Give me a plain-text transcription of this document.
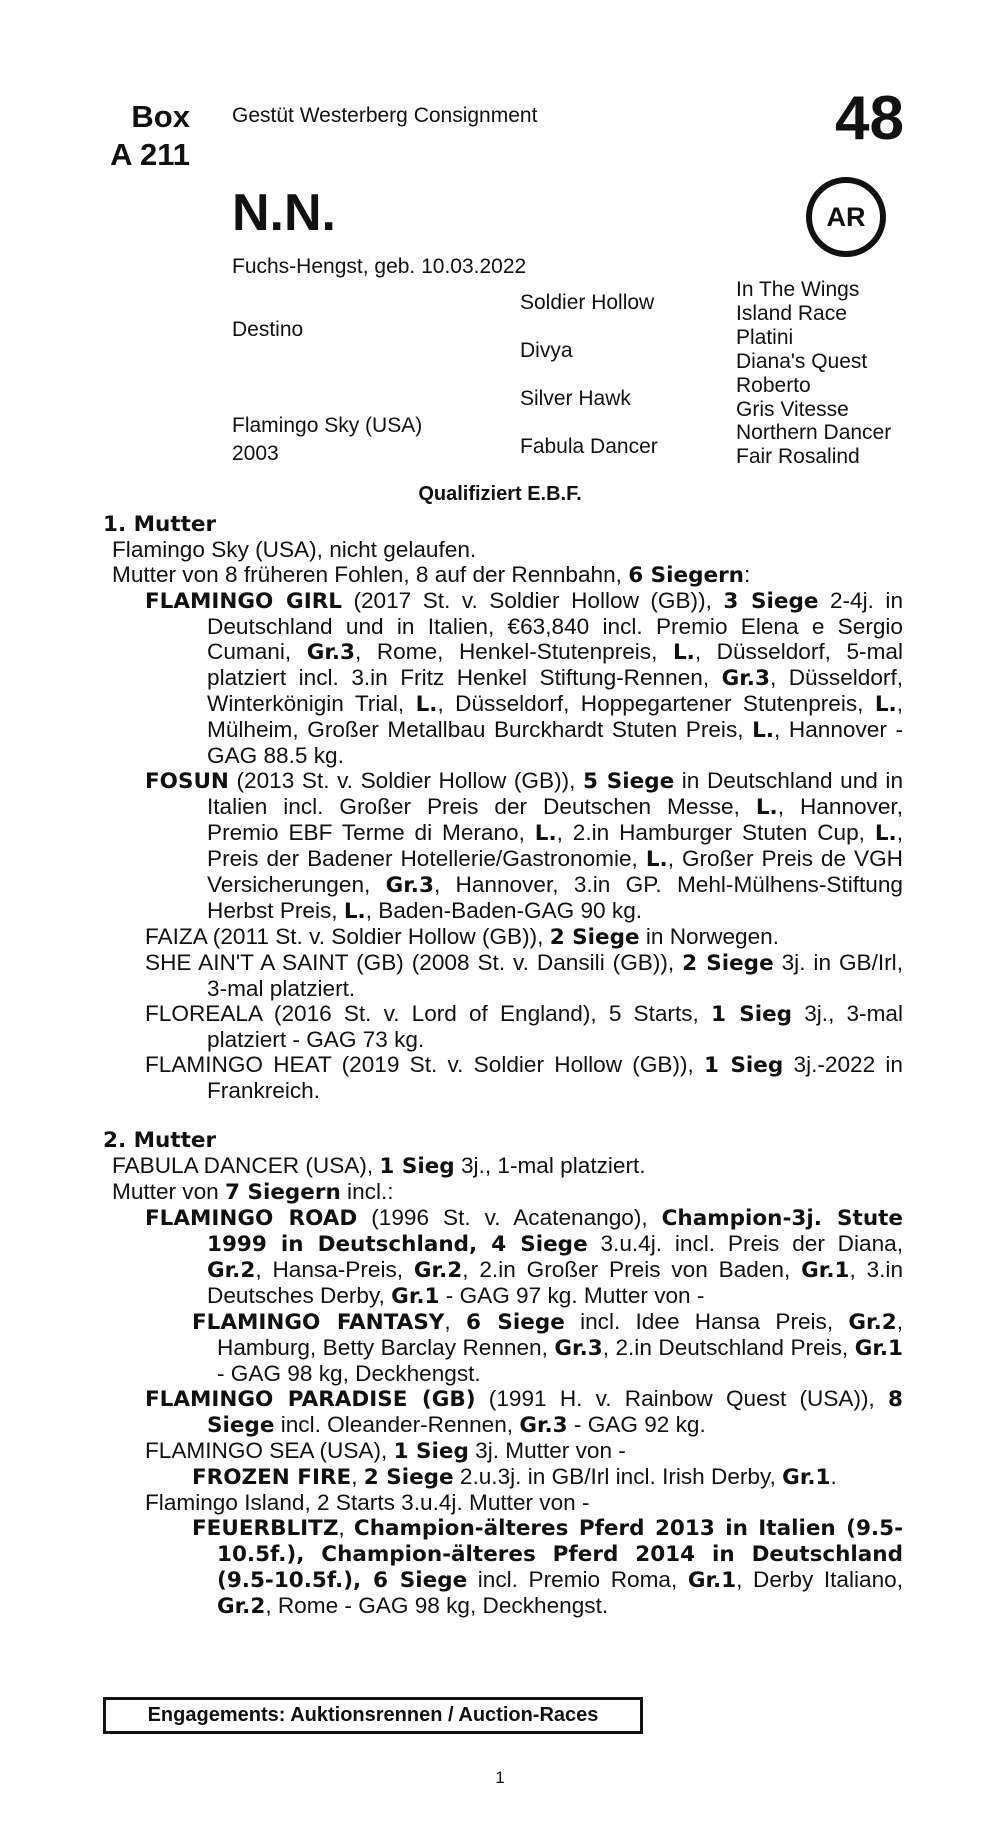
Box
A 211
Gestüt Westerberg Consignment	48
AR
N.N.
Fuchs-Hengst, geb. 10.03.2022
Destino
Flamingo Sky (USA)
2003
Soldier Hollow
Divya
Silver Hawk
Fabula Dancer
In The Wings
Island Race
Platini
Diana's Quest
Roberto
Gris Vitesse
Northern Dancer
Fair Rosalind
Qualifiziert E.B.F.

1. Mutter

Flamingo Sky (USA), nicht gelaufen.

Mutter von 8 früheren Fohlen, 8 auf der Rennbahn, 6 Siegern:

FLAMINGO GIRL (2017 St. v. Soldier Hollow (GB)), 3 Siege 2-4j. in Deutschland und in Italien, €63,840 incl. Premio Elena e Sergio Cumani, Gr.3, Rome, Henkel-Stutenpreis, L., Düsseldorf, 5-mal platziert incl. 3.in Fritz Henkel Stiftung-Rennen, Gr.3, Düsseldorf, Winterkönigin Trial, L., Düsseldorf, Hoppegartener Stutenpreis, L., Mülheim, Großer Metallbau Burckhardt Stuten Preis, L., Hannover - GAG 88.5 kg.

FOSUN (2013 St. v. Soldier Hollow (GB)), 5 Siege in Deutschland und in Italien incl. Großer Preis der Deutschen Messe, L., Hannover, Premio EBF Terme di Merano, L., 2.in Hamburger Stuten Cup, L., Preis der Badener Hotellerie/Gastronomie, L., Großer Preis de VGH Versicherungen, Gr.3, Hannover, 3.in GP. Mehl-Mülhens-Stiftung Herbst Preis, L., Baden-Baden-GAG 90 kg.

FAIZA (2011 St. v. Soldier Hollow (GB)), 2 Siege in Norwegen.

SHE AIN'T A SAINT (GB) (2008 St. v. Dansili (GB)), 2 Siege 3j. in GB/Irl, 3-mal platziert.

FLOREALA (2016 St. v. Lord of England), 5 Starts, 1 Sieg 3j., 3-mal platziert - GAG 73 kg.

FLAMINGO HEAT (2019 St. v. Soldier Hollow (GB)), 1 Sieg 3j.-2022 in Frankreich.

2. Mutter

FABULA DANCER (USA), 1 Sieg 3j., 1-mal platziert.

Mutter von 7 Siegern incl.:

FLAMINGO ROAD (1996 St. v. Acatenango), Champion-3j. Stute 1999 in Deutschland, 4 Siege 3.u.4j. incl. Preis der Diana, Gr.2, Hansa-Preis, Gr.2, 2.in Großer Preis von Baden, Gr.1, 3.in Deutsches Derby, Gr.1 - GAG 97 kg. Mutter von -

FLAMINGO FANTASY, 6 Siege incl. Idee Hansa Preis, Gr.2, Hamburg, Betty Barclay Rennen, Gr.3, 2.in Deutschland Preis, Gr.1 - GAG 98 kg, Deckhengst.

FLAMINGO PARADISE (GB) (1991 H. v. Rainbow Quest (USA)), 8 Siege incl. Oleander-Rennen, Gr.3 - GAG 92 kg.

FLAMINGO SEA (USA), 1 Sieg 3j. Mutter von -

FROZEN FIRE, 2 Siege 2.u.3j. in GB/Irl incl. Irish Derby, Gr.1.

Flamingo Island, 2 Starts 3.u.4j. Mutter von -

FEUERBLITZ, Champion-älteres Pferd 2013 in Italien (9.5-10.5f.), Champion-älteres Pferd 2014 in Deutschland (9.5-10.5f.), 6 Siege incl. Premio Roma, Gr.1, Derby Italiano, Gr.2, Rome - GAG 98 kg, Deckhengst.

Engagements: Auktionsrennen / Auction-Races
1
